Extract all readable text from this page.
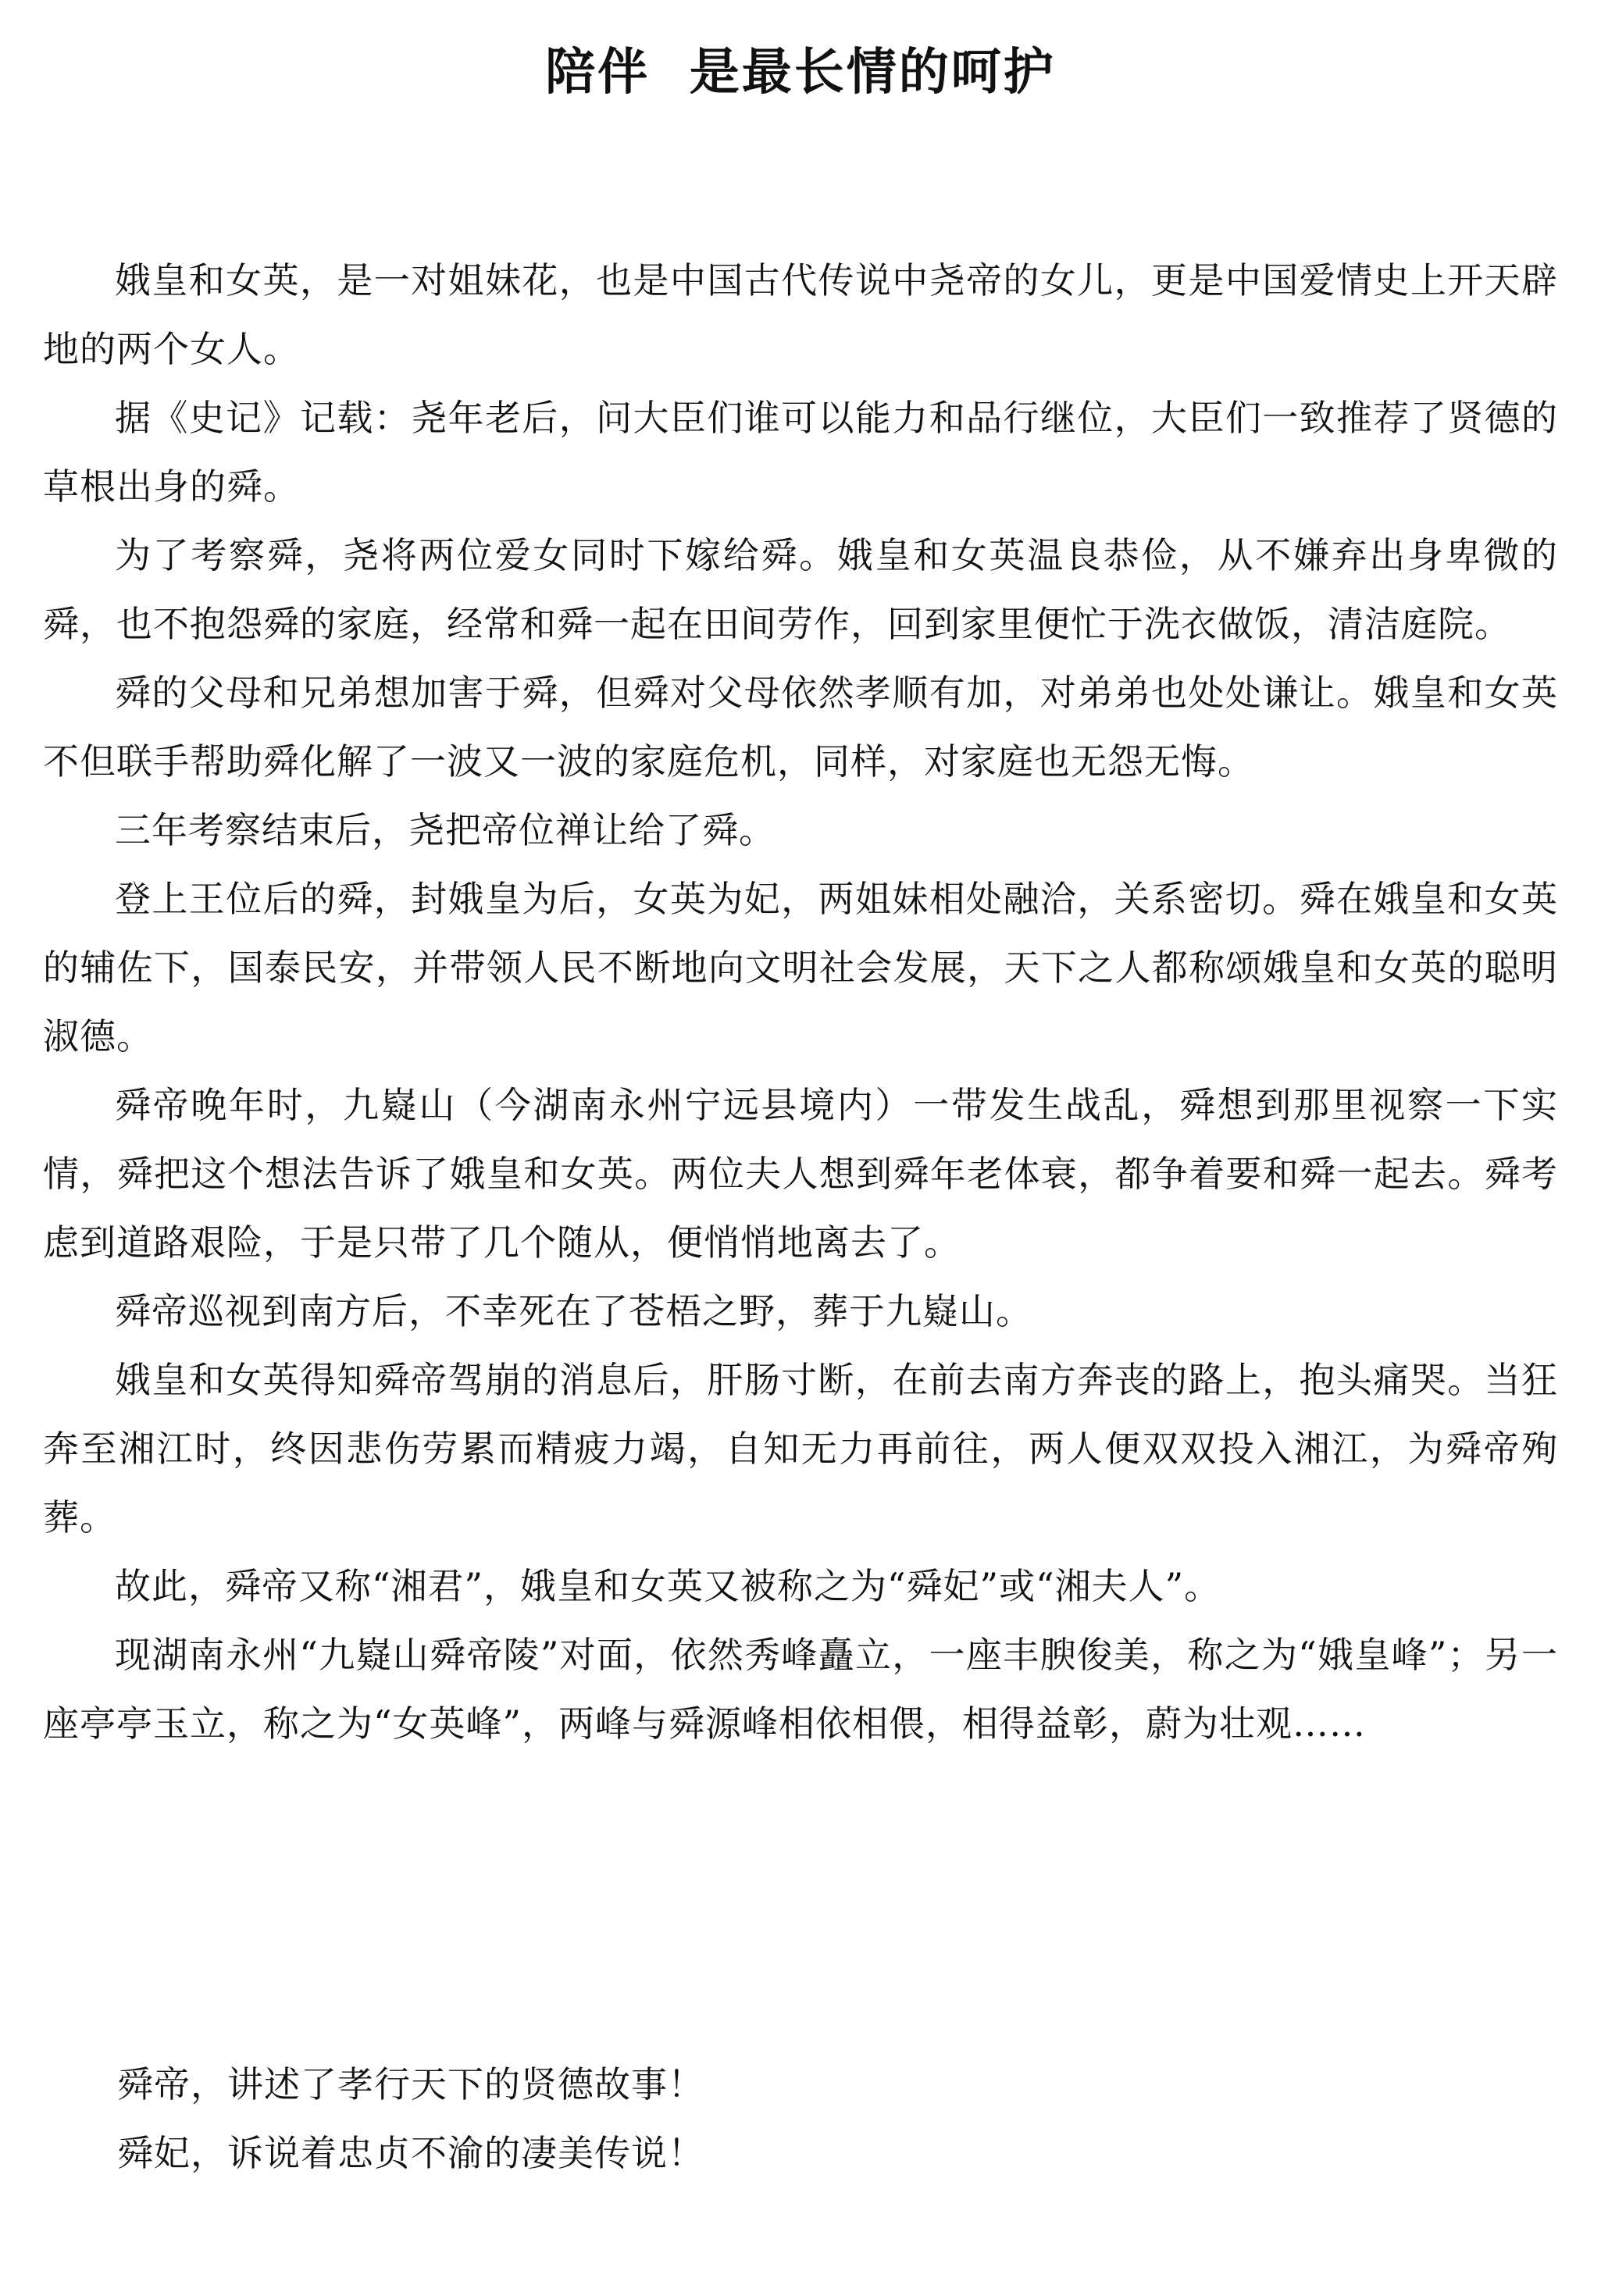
陪伴  是最长情的呵护

娥皇和女英，是一对姐妹花，也是中国古代传说中尧帝的女儿，更是中国爱情史上开天辟地的两个女人。

据《史记》记载：尧年老后，问大臣们谁可以能力和品行继位，大臣们一致推荐了贤德的草根出身的舜。

为了考察舜，尧将两位爱女同时下嫁给舜。娥皇和女英温良恭俭，从不嫌弃出身卑微的舜，也不抱怨舜的家庭，经常和舜一起在田间劳作，回到家里便忙于洗衣做饭，清洁庭院。

舜的父母和兄弟想加害于舜，但舜对父母依然孝顺有加，对弟弟也处处谦让。娥皇和女英不但联手帮助舜化解了一波又一波的家庭危机，同样，对家庭也无怨无悔。

三年考察结束后，尧把帝位禅让给了舜。

登上王位后的舜，封娥皇为后，女英为妃，两姐妹相处融洽，关系密切。舜在娥皇和女英的辅佐下，国泰民安，并带领人民不断地向文明社会发展，天下之人都称颂娥皇和女英的聪明淑德。

舜帝晚年时，九嶷山（今湖南永州宁远县境内）一带发生战乱，舜想到那里视察一下实情，舜把这个想法告诉了娥皇和女英。两位夫人想到舜年老体衰，都争着要和舜一起去。舜考虑到道路艰险，于是只带了几个随从，便悄悄地离去了。

舜帝巡视到南方后，不幸死在了苍梧之野，葬于九嶷山。

娥皇和女英得知舜帝驾崩的消息后，肝肠寸断，在前去南方奔丧的路上，抱头痛哭。当狂奔至湘江时，终因悲伤劳累而精疲力竭，自知无力再前往，两人便双双投入湘江，为舜帝殉葬。

故此，舜帝又称“湘君”，娥皇和女英又被称之为“舜妃”或“湘夫人”。

现湖南永州“九嶷山舜帝陵”对面，依然秀峰矗立，一座丰腴俊美，称之为“娥皇峰”；另一座亭亭玉立，称之为“女英峰”，两峰与舜源峰相依相偎，相得益彰，蔚为壮观……

舜帝，讲述了孝行天下的贤德故事！

舜妃，诉说着忠贞不渝的凄美传说！
